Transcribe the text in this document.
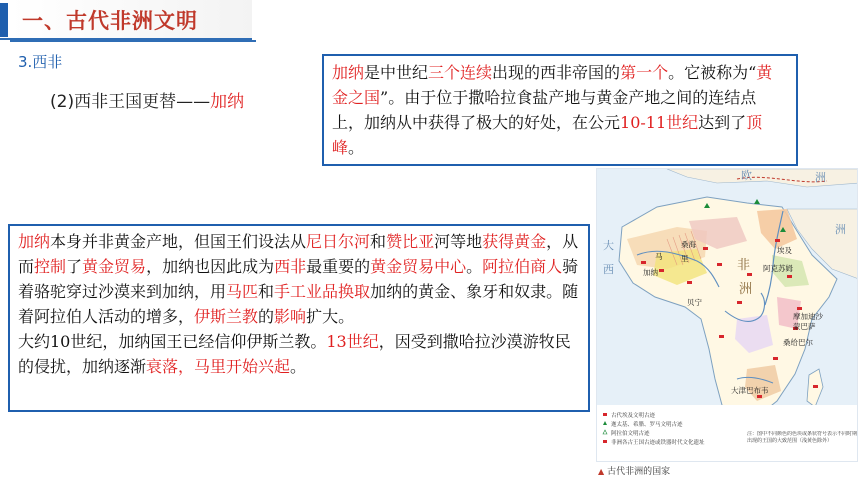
一、古代非洲文明
3.西非
(2)西非王国更替——加纳
加纳是中世纪三个连续出现的西非帝国的第一个。它被称为“黄金之国”。由于位于撒哈拉食盐产地与黄金产地之间的连结点上，加纳从中获得了极大的好处，在公元10-11世纪达到了顶峰。
加纳本身并非黄金产地，但国王们设法从尼日尔河和赞比亚河等地获得黄金，从而控制了黄金贸易，加纳也因此成为西非最重要的黄金贸易中心。阿拉伯商人骑着骆驼穿过沙漠来到加纳，用马匹和手工业品换取加纳的黄金、象牙和奴隶。随着阿拉伯人活动的增多，伊斯兰教的影响扩大。
大约10世纪，加纳国王已经信仰伊斯兰教。13世纪，因受到撒哈拉沙漠游牧民的侵扰，加纳逐渐衰落，马里开始兴起。
欧	洲
洲
大
西	非
洲
埃及
马 里
桑海
加纳
贝宁
阿克苏姆
摩加迪沙
蒙巴萨
桑给巴尔
大津巴布韦
古代埃及文明古迹
迦太基、希腊、罗马文明古迹
阿拉伯文明古迹
非洲各古王国古迹或铁器时代文化遗址
注：图中不同颜色的色块或条状符号表示不同时期出现的王国的大致范围（浅黄色除外）
▲ 古代非洲的国家
